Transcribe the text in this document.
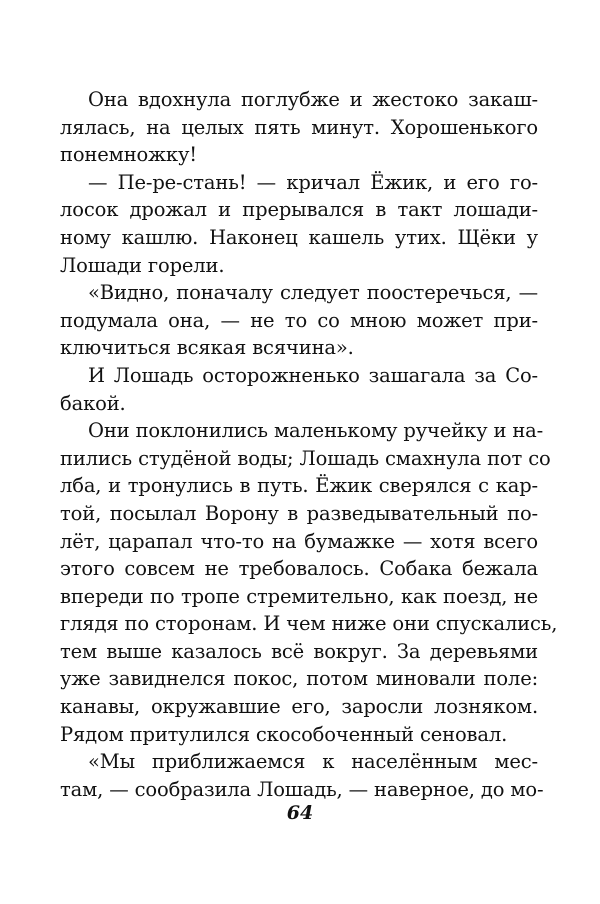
Она вдохнула поглубже и жестоко закаш-
лялась, на целых пять минут. Хорошенького
понемножку!
— Пе-ре-стань! — кричал Ёжик, и его го-
лосок дрожал и прерывался в такт лошади-
ному кашлю. Наконец кашель утих. Щёки у
Лошади горели.
«Видно, поначалу следует поостеречься, —
подумала она, — не то со мною может при-
ключиться всякая всячина».
И Лошадь осторожненько зашагала за Со-
бакой.
Они поклонились маленькому ручейку и на-
пились студёной воды; Лошадь смахнула пот со
лба, и тронулись в путь. Ёжик сверялся с кар-
той, посылал Ворону в разведывательный по-
лёт, царапал что-то на бумажке — хотя всего
этого совсем не требовалось. Собака бежала
впереди по тропе стремительно, как поезд, не
глядя по сторонам. И чем ниже они спускались,
тем выше казалось всё вокруг. За деревьями
уже завиднелся покос, потом миновали поле:
канавы, окружавшие его, заросли лозняком.
Рядом притулился скособоченный сеновал.
«Мы приближаемся к населённым мес-
там, — сообразила Лошадь, — наверное, до мо-
64
